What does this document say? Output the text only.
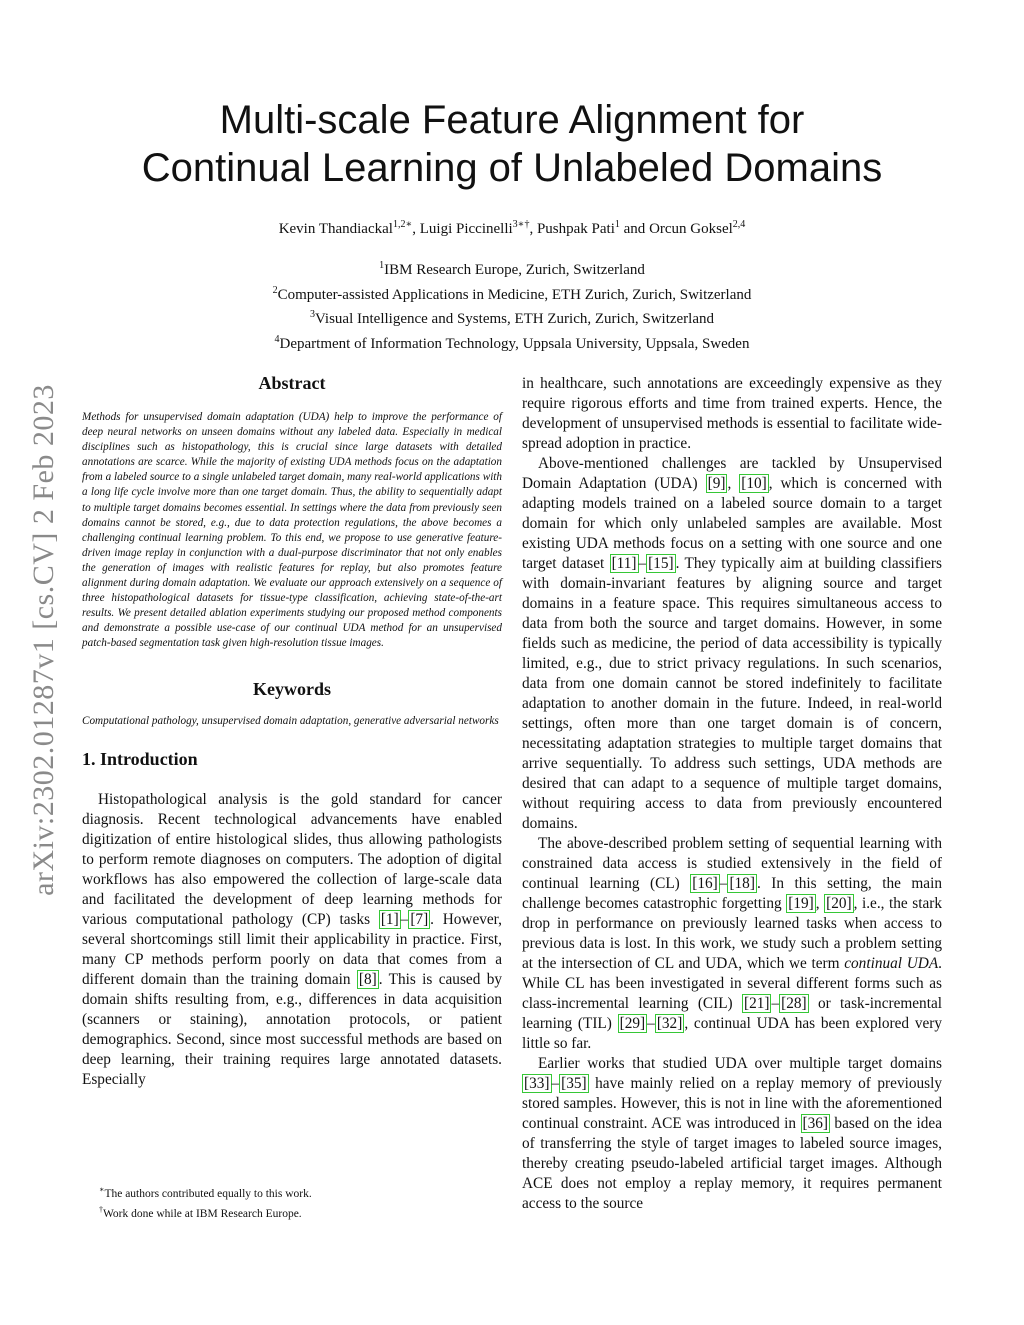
arXiv:2302.01287v1 [cs.CV] 2 Feb 2023
Multi-scale Feature Alignment for
Continual Learning of Unlabeled Domains
Kevin Thandiackal$^{1,2∗}$, Luigi Piccinelli$^{3∗\dagger}$, Pushpak Pati$^1$ and Orcun Goksel$^{2,4}$
$^1$IBM Research Europe, Zurich, Switzerland
$^2$Computer-assisted Applications in Medicine, ETH Zurich, Zurich, Switzerland
$^3$Visual Intelligence and Systems, ETH Zurich, Zurich, Switzerland
$^4$Department of Information Technology, Uppsala University, Uppsala, Sweden
Abstract

Methods for unsupervised domain adaptation (UDA) help to improve the performance of deep neural networks on unseen domains without any labeled data. Especially in medical disciplines such as histopathology, this is crucial since large datasets with detailed annotations are scarce. While the majority of existing UDA methods focus on the adaptation from a labeled source to a single unlabeled target domain, many real-world applications with a long life cycle involve more than one target domain. Thus, the ability to sequentially adapt to multiple target domains becomes essential. In settings where the data from previously seen domains cannot be stored, e.g., due to data protection regulations, the above becomes a challenging continual learning problem. To this end, we propose to use generative feature-driven image replay in conjunction with a dual-purpose discriminator that not only enables the generation of images with realistic features for replay, but also promotes feature alignment during domain adaptation. We evaluate our approach extensively on a sequence of three histopathological datasets for tissue-type classification, achieving state-of-the-art results. We present detailed ablation experiments studying our proposed method components and demonstrate a possible use-case of our continual UDA method for an unsupervised patch-based segmentation task given high-resolution tissue images.

Keywords

Computational pathology, unsupervised domain adaptation, generative adversarial networks

1. Introduction

Histopathological analysis is the gold standard for cancer diagnosis. Recent technological advancements have enabled digitization of entire histological slides, thus allowing pathologists to perform remote diagnoses on computers. The adoption of digital workflows has also empowered the collection of large-scale data and facilitated the development of deep learning methods for various computational pathology (CP) tasks [1] – [7] . However, several shortcomings still limit their applicability in practice. First, many CP methods perform poorly on data that comes from a different domain than the training domain [8] . This is caused by domain shifts resulting from, e.g., differences in data acquisition (scanners or staining), annotation protocols, or patient demographics. Second, since most successful methods are based on deep learning, their training requires large annotated datasets. Especially

in healthcare, such annotations are exceedingly expensive as they require rigorous efforts and time from trained experts. Hence, the development of unsupervised methods is essential to facilitate wide-spread adoption in practice.

Above-mentioned challenges are tackled by Unsupervised Domain Adaptation (UDA) [9] , [10] , which is concerned with adapting models trained on a labeled source domain to a target domain for which only unlabeled samples are available. Most existing UDA methods focus on a setting with one source and one target dataset [11] – [15] . They typically aim at building classifiers with domain-invariant features by aligning source and target domains in a feature space. This requires simultaneous access to data from both the source and target domains. However, in some fields such as medicine, the period of data accessibility is typically limited, e.g., due to strict privacy regulations. In such scenarios, data from one domain cannot be stored indefinitely to facilitate adaptation to another domain in the future. Indeed, in real-world settings, often more than one target domain is of concern, necessitating adaptation strategies to multiple target domains that arrive sequentially. To address such settings, UDA methods are desired that can adapt to a sequence of multiple target domains, without requiring access to data from previously encountered domains.

The above-described problem setting of sequential learning with constrained data access is studied extensively in the field of continual learning (CL) [16] – [18] . In this setting, the main challenge becomes catastrophic forgetting [19] , [20] , i.e., the stark drop in performance on previously learned tasks when access to previous data is lost. In this work, we study such a problem setting at the intersection of CL and UDA, which we term continual UDA. While CL has been investigated in several different forms such as class-incremental learning (CIL) [21] – [28] or task-incremental learning (TIL) [29] – [32] , continual UDA has been explored very little so far.

Earlier works that studied UDA over multiple target domains [33] – [35] have mainly relied on a replay memory of previously stored samples. However, this is not in line with the aforementioned continual constraint. ACE was introduced in [36] based on the idea of transferring the style of target images to labeled source images, thereby creating pseudo-labeled artificial target images. Although ACE does not employ a replay memory, it requires permanent access to the source

∗The authors contributed equally to this work.
†Work done while at IBM Research Europe.
